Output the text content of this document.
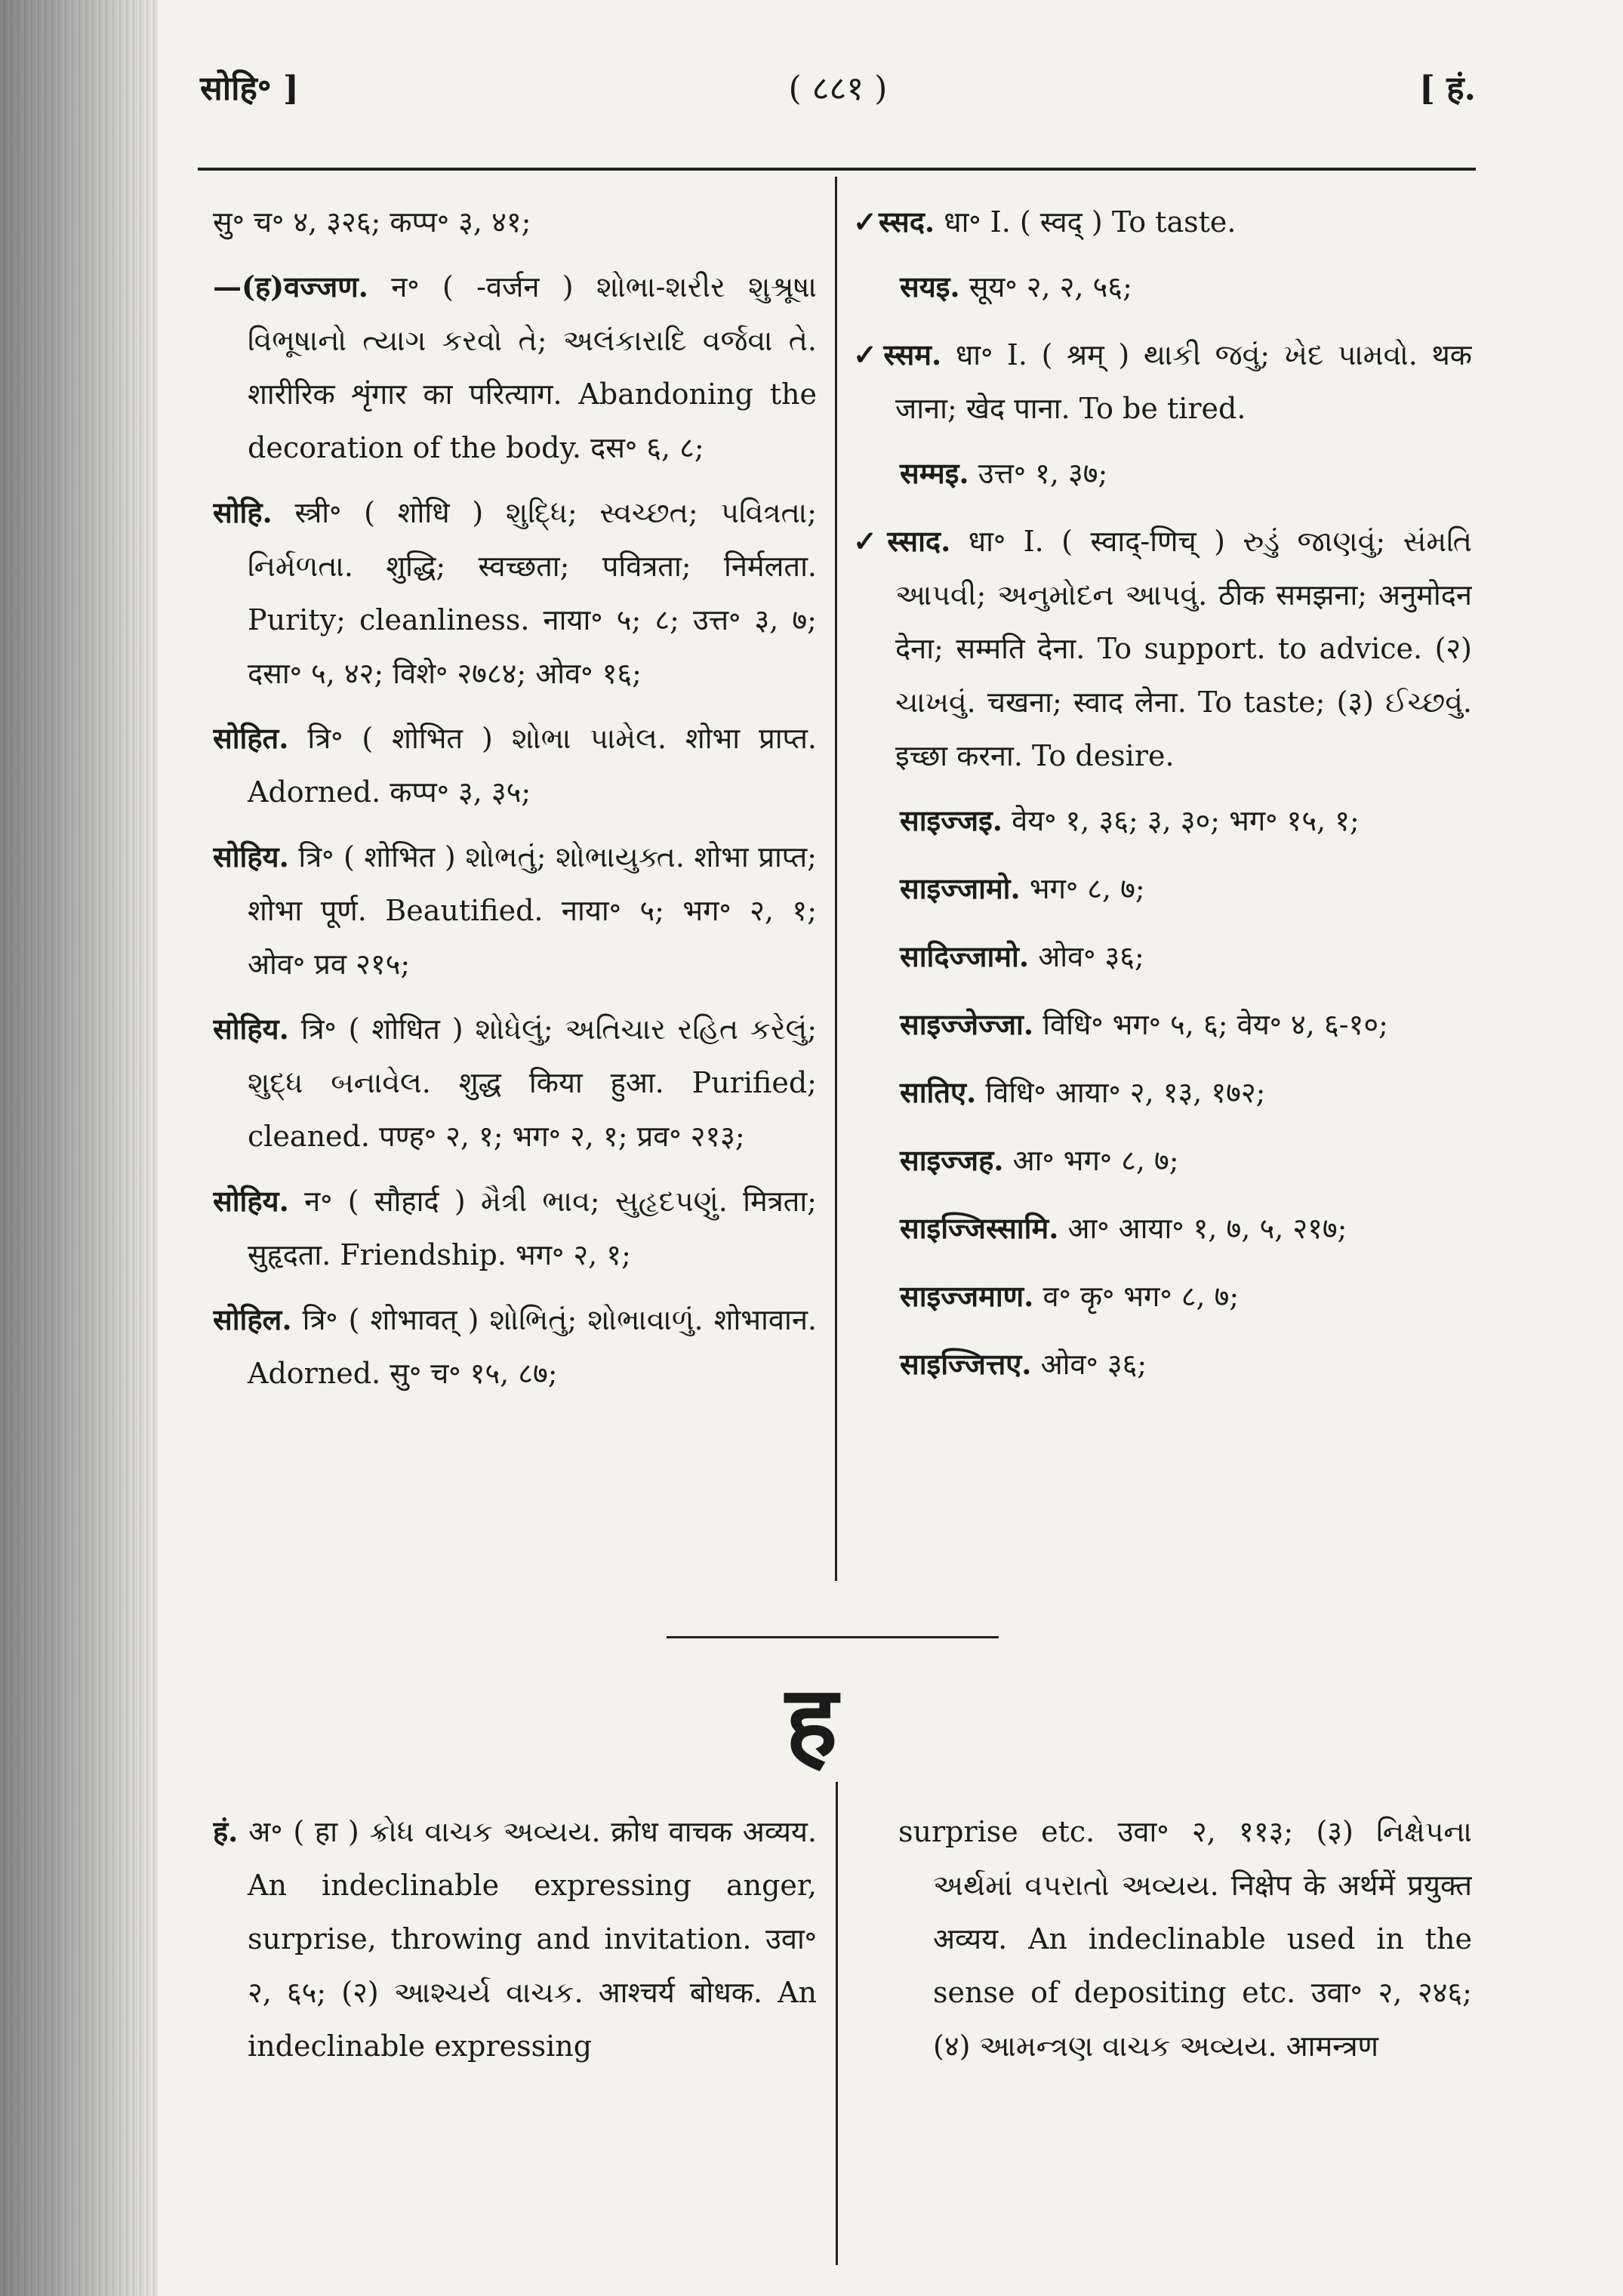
सोहि॰ ]	( ८८१ )	[ हं.

सु॰ च॰ ४, ३२६; कप्प॰ ३, ४१;

—(ह)वज्जण. न॰ ( -वर्जन ) શોભા-શરીર શુશ્રૂષા વિભૂષાનો ત્યાગ કરવો તે; અલંકારાદિ વર્જવા તે. शारीरिक शृंगार का परित्याग. Abandoning the decoration of the body. दस॰ ६, ८;

सोहि. स्त्री॰ ( शोधि ) શુદ્ધિ; સ્વચ્છત; પવિત્રતા; નિર્મળતા. शुद्धि; स्वच्छता; पवित्रता; निर्मलता. Purity; cleanliness. नाया॰ ५; ८; उत्त॰ ३, ७; दसा॰ ५, ४२; विशे॰ २७८४; ओव॰ १६;

सोहित. त्रि॰ ( शोभित ) શોભા પામેલ. शोभा प्राप्त. Adorned. कप्प॰ ३, ३५;

सोहिय. त्रि॰ ( शोभित ) શોભતું; શોભાયુક્ત. शोभा प्राप्त; शोभा पूर्ण. Beautified. नाया॰ ५; भग॰ २, १; ओव॰ प्रव २१५;

सोहिय. त्रि॰ ( शोधित ) શોધેલું; અતિચાર રહિત કરેલું; શુદ્ધ બનાવેલ. शुद्ध किया हुआ. Purified; cleaned. पण्ह॰ २, १; भग॰ २, १; प्रव॰ २१३;

सोहिय. न॰ ( सौहार्द ) મૈત્રી ભાવ; સુહૃદપણું. मित्रता; सुहृदता. Friendship. भग॰ २, १;

सोहिल. त्रि॰ ( शोभावत् ) શોભિતું; શોભાવાળું. शोभावान. Adorned. सु॰ च॰ १५, ८७;

✓ स्सद. धा॰ I. ( स्वद् ) To taste.

सयइ. सूय॰ २, २, ५६;

✓ स्सम. धा॰ I. ( श्रम् ) થાકી જવું; ખેદ પામવો. थक जाना; खेद पाना. To be tired.

सम्मइ. उत्त॰ १, ३७;

✓ स्साद. धा॰ I. ( स्वाद्-णिच् ) રુડું જાણવું; સંમતિ આપવી; અનુમોદન આપવું. ठीक समझना; अनुमोदन देना; सम्मति देना. To support. to advice. (२) ચાખવું. चखना; स्वाद लेना. To taste; (३) ઈચ્છવું. इच्छा करना. To desire.

साइज्जइ. वेय॰ १, ३६; ३, ३०; भग॰ १५, १;

साइज्जामो. भग॰ ८, ७;

सादिज्जामो. ओव॰ ३६;

साइज्जेज्जा. विधि॰ भग॰ ५, ६; वेय॰ ४, ६-१०;

सातिए. विधि॰ आया॰ २, १३, १७२;

साइज्जह. आ॰ भग॰ ८, ७;

साइज्जिस्सामि. आ॰ आया॰ १, ७, ५, २१७;

साइज्जमाण. व॰ कृ॰ भग॰ ८, ७;

साइज्जित्तए. ओव॰ ३६;

ह

हं. अ॰ ( हा ) ક્રોધ વાચક અવ્યય. क्रोध वाचक अव्यय. An indeclinable expressing anger, surprise, throwing and invitation. उवा॰ २, ६५; (२) આશ્ચર્ય વાચક. आश्चर्य बोधक. An indeclinable expressing

surprise etc. उवा॰ २, ११३; (३) નિક્ષેપના અર્થમાં વપરાતો અવ્યય. निक्षेप के अर्थमें प्रयुक्त अव्यय. An indeclinable used in the sense of depositing etc. उवा॰ २, २४६; (४) આમન્ત્રણ વાચક અવ્યય. आमन्त्रण
